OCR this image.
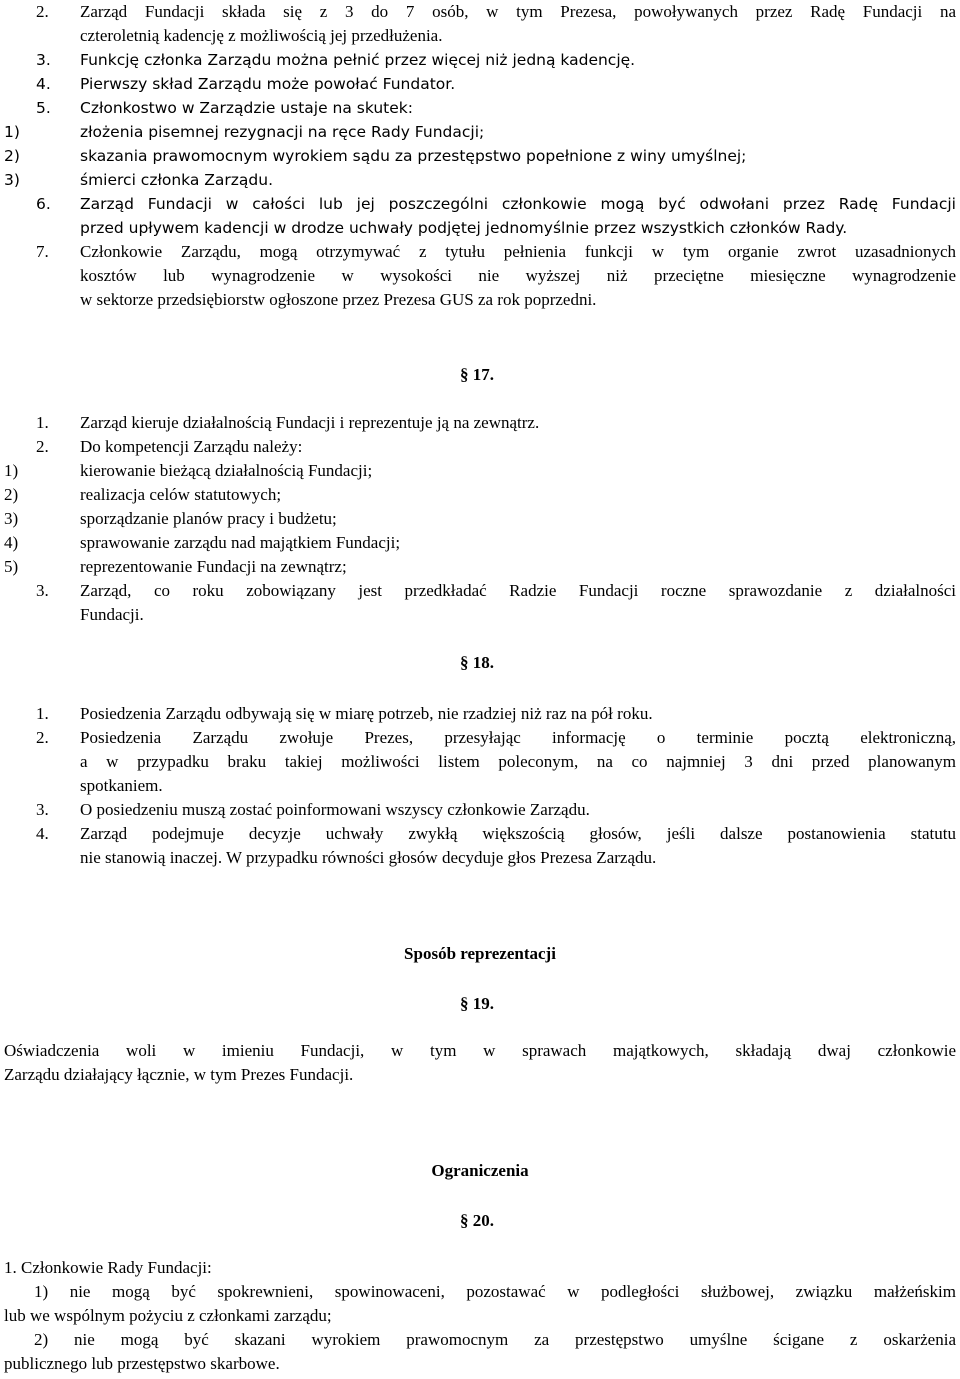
2. Zarząd Fundacji składa się z 3 do 7 osób, w tym Prezesa, powoływanych przez Radę Fundacji na
czteroletnią kadencję z możliwością jej przedłużenia.
3. Funkcję członka Zarządu można pełnić przez więcej niż jedną kadencję.
4. Pierwszy skład Zarządu może powołać Fundator.
5. Członkostwo w Zarządzie ustaje na skutek:
1)	złożenia pisemnej rezygnacji na ręce Rady Fundacji;
2)	skazania prawomocnym wyrokiem sądu za przestępstwo popełnione z winy umyślnej;
3)	śmierci członka Zarządu.
6. Zarząd Fundacji w całości lub jej poszczególni członkowie mogą być odwołani przez Radę Fundacji
przed upływem kadencji w drodze uchwały podjętej jednomyślnie przez wszystkich członków Rady.
7. Członkowie Zarządu, mogą otrzymywać z tytułu pełnienia funkcji w tym organie zwrot uzasadnionych
kosztów lub wynagrodzenie w wysokości nie wyższej niż przeciętne miesięczne wynagrodzenie
w sektorze przedsiębiorstw ogłoszone przez Prezesa GUS za rok poprzedni.
§ 17.
1. Zarząd kieruje działalnością Fundacji i reprezentuje ją na zewnątrz.
2. Do kompetencji Zarządu należy:
1)	kierowanie bieżącą działalnością Fundacji;
2)	realizacja celów statutowych;
3)	sporządzanie planów pracy i budżetu;
4)	sprawowanie zarządu nad majątkiem Fundacji;
5)	reprezentowanie Fundacji na zewnątrz;
3. Zarząd, co roku zobowiązany jest przedkładać Radzie Fundacji roczne sprawozdanie z działalności
Fundacji.
§ 18.
1. Posiedzenia Zarządu odbywają się w miarę potrzeb, nie rzadziej niż raz na pół roku.
2. Posiedzenia Zarządu zwołuje Prezes, przesyłając informację o terminie pocztą elektroniczną,
a w przypadku braku takiej możliwości listem poleconym, na co najmniej 3 dni przed planowanym
spotkaniem.
3. O posiedzeniu muszą zostać poinformowani wszyscy członkowie Zarządu.
4. Zarząd podejmuje decyzje uchwały zwykłą większością głosów, jeśli dalsze postanowienia statutu
nie stanowią inaczej. W przypadku równości głosów decyduje głos Prezesa Zarządu.
Sposób reprezentacji
§ 19.
Oświadczenia woli w imieniu Fundacji, w tym w sprawach majątkowych, składają dwaj członkowie
Zarządu działający łącznie, w tym Prezes Fundacji.
Ograniczenia
§ 20.
1. Członkowie Rady Fundacji:
1) nie mogą być spokrewnieni, spowinowaceni, pozostawać w podległości służbowej, związku małżeńskim
lub we wspólnym pożyciu z członkami zarządu;
2) nie mogą być skazani wyrokiem prawomocnym za przestępstwo umyślne ścigane z oskarżenia
publicznego lub przestępstwo skarbowe.
